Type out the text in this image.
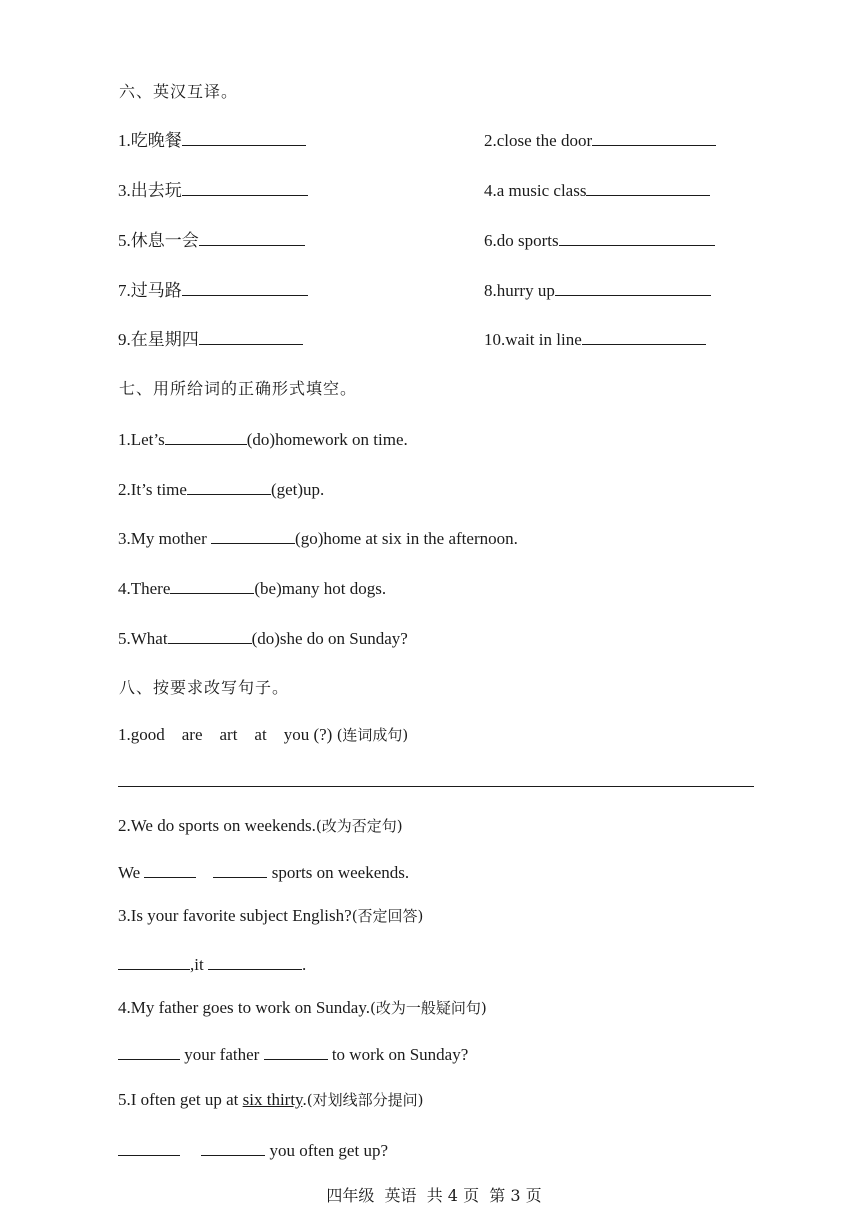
六、英汉互译。
1.吃晚餐	2.close the door
3.出去玩	4.a music class
5.休息一会	6.do sports
7.过马路	8.hurry up
9.在星期四	10.wait in line
七、用所给词的正确形式填空。
1.Let’s	(do)homework on time.
2.It’s time	(get)up.
3.My mother	(go)home at six in the afternoon.
4.There	(be)many hot dogs.
5.What	(do)she do on Sunday?
八、按要求改写句子。
1.good    are    art    at    you (?) (连词成句)
2.We do sports on weekends.(改为否定句)
We	sports on weekends.
3.Is your favorite subject English?(否定回答)
,it	.
4.My father goes to work on Sunday.(改为一般疑问句)
your father	to work on Sunday?
5.I often get up at six thirty.(对划线部分提问)
you often get up?
四年级  英语  共 4 页  第 3 页
